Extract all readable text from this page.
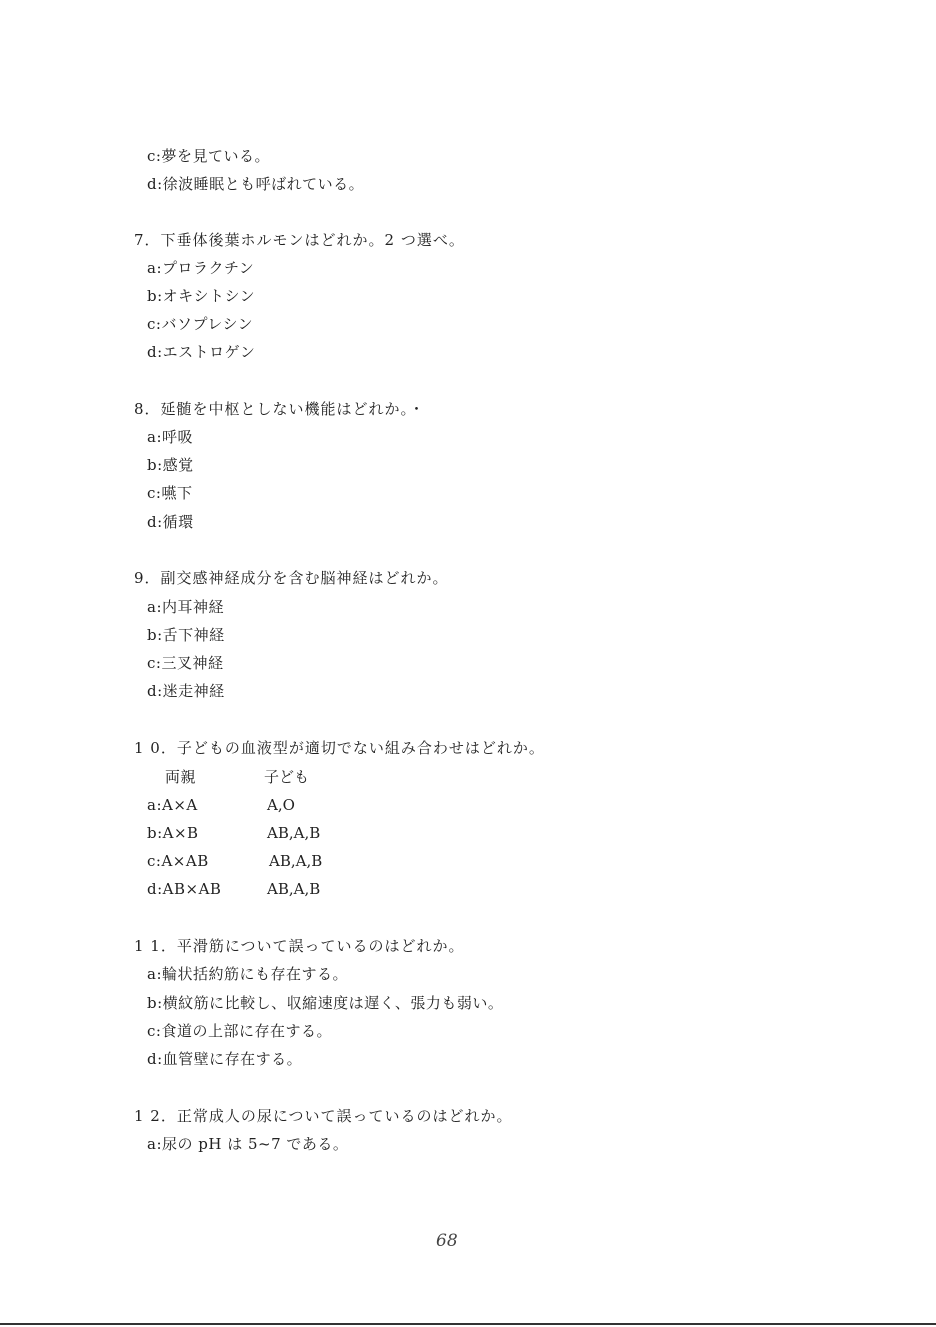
c:夢を見ている。
d:徐波睡眠とも呼ばれている。
7．下垂体後葉ホルモンはどれか。2 つ選べ。
a:プロラクチン
b:オキシトシン
c:バソプレシン
d:エストロゲン
8．延髄を中枢としない機能はどれか。・
a:呼吸
b:感覚
c:嚥下
d:循環
9．副交感神経成分を含む脳神経はどれか。
a:内耳神経
b:舌下神経
c:三叉神経
d:迷走神経
1 0．子どもの血液型が適切でない組み合わせはどれか。
両親	子ども
a:A×A	A,O
b:A×B	AB,A,B
c:A×AB	AB,A,B
d:AB×AB	AB,A,B
1 1．平滑筋について誤っているのはどれか。
a:輪状括約筋にも存在する。
b:横紋筋に比較し、収縮速度は遅く、張力も弱い。
c:食道の上部に存在する。
d:血管壁に存在する。
1 2．正常成人の尿について誤っているのはどれか。
a:尿の pH は 5~7 である。
68
